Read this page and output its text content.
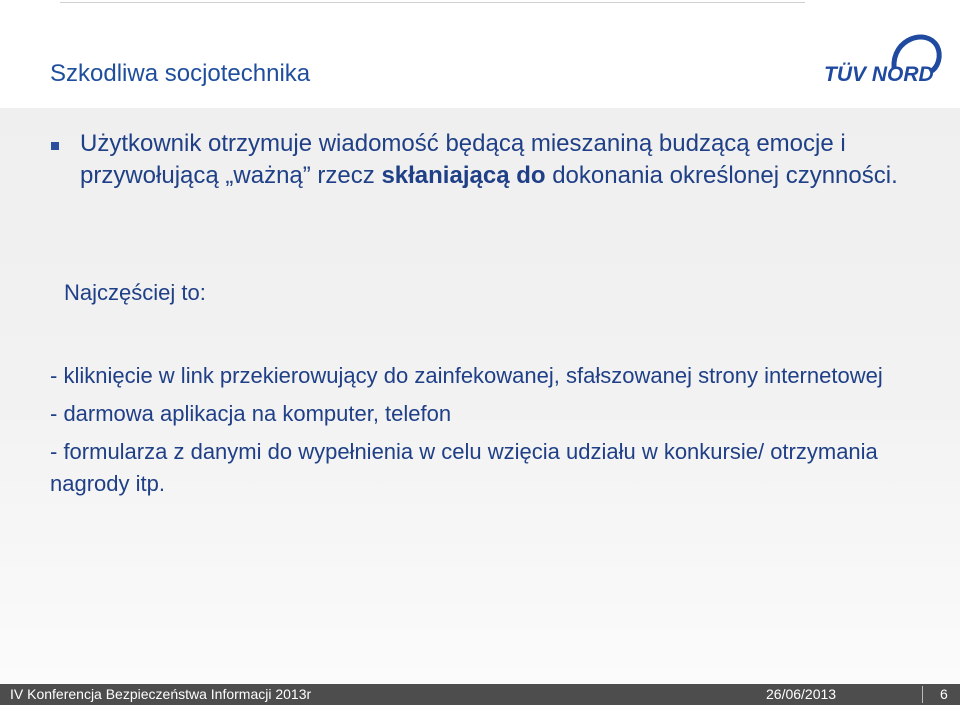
Szkodliwa socjotechnika	TÜV NORD
Użytkownik otrzymuje wiadomość będącą mieszaniną budzącą emocje i przywołującą „ważną” rzecz skłaniającą do dokonania określonej czynności.
Najczęściej to:

- kliknięcie w link przekierowujący do zainfekowanej, sfałszowanej strony internetowej

- darmowa aplikacja na komputer, telefon

- formularza z danymi do wypełnienia w celu wzięcia udziału w konkursie/ otrzymania nagrody itp.

IV Konferencja Bezpieczeństwa Informacji 2013r	26/06/2013	6
